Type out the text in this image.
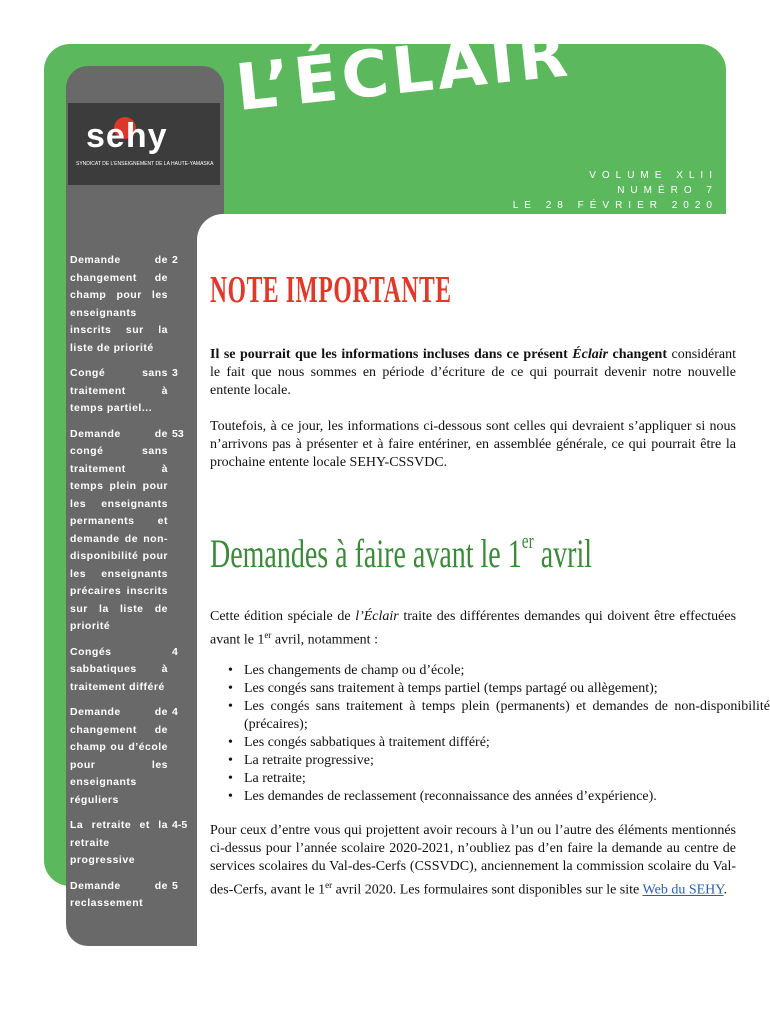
sehy
SYNDICAT DE L’ENSEIGNEMENT DE LA HAUTE-YAMASKA
L’ÉCLAIR
VOLUME XLII
NUMÉRO 7
LE 28 FÉVRIER 2020
Demande de changement de champ pour les enseignants inscrits sur la liste de priorité
2
Congé sans traitement à temps partiel...
3
Demande de congé sans traitement à temps plein pour les enseignants permanents et demande de non-disponibilité pour les enseignants précaires inscrits sur la liste de priorité
53
Congés sabbatiques à traitement différé
4
Demande de changement de champ ou d’école pour les enseignants réguliers
4
La retraite et la retraite progressive
4-5
Demande de reclassement
5
NOTE IMPORTANTE
Il se pourrait que les informations incluses dans ce présent Éclair changent considérant le fait que nous sommes en période d’écriture de ce qui pourrait devenir notre nouvelle entente locale.
Toutefois, à ce jour, les informations ci-dessous sont celles qui devraient s’appliquer si nous n’arrivons pas à présenter et à faire entériner, en assemblée générale, ce qui pourrait être la prochaine entente locale SEHY-CSSVDC.
Demandes à faire avant le 1er avril
Cette édition spéciale de l’Éclair traite des différentes demandes qui doivent être effectuées avant le 1er avril, notamment :
• Les changements de champ ou d’école;
• Les congés sans traitement à temps partiel (temps partagé ou allègement);
• Les congés sans traitement à temps plein (permanents) et demandes de non-disponibilité (précaires);
• Les congés sabbatiques à traitement différé;
• La retraite progressive;
• La retraite;
• Les demandes de reclassement (reconnaissance des années d’expérience).
Pour ceux d’entre vous qui projettent avoir recours à l’un ou l’autre des éléments mentionnés ci-dessus pour l’année scolaire 2020-2021, n’oubliez pas d’en faire la demande au centre de services scolaires du Val-des-Cerfs (CSSVDC), anciennement la commission scolaire du Val-des-Cerfs, avant le 1er avril 2020. Les formulaires sont disponibles sur le site Web du SEHY.
